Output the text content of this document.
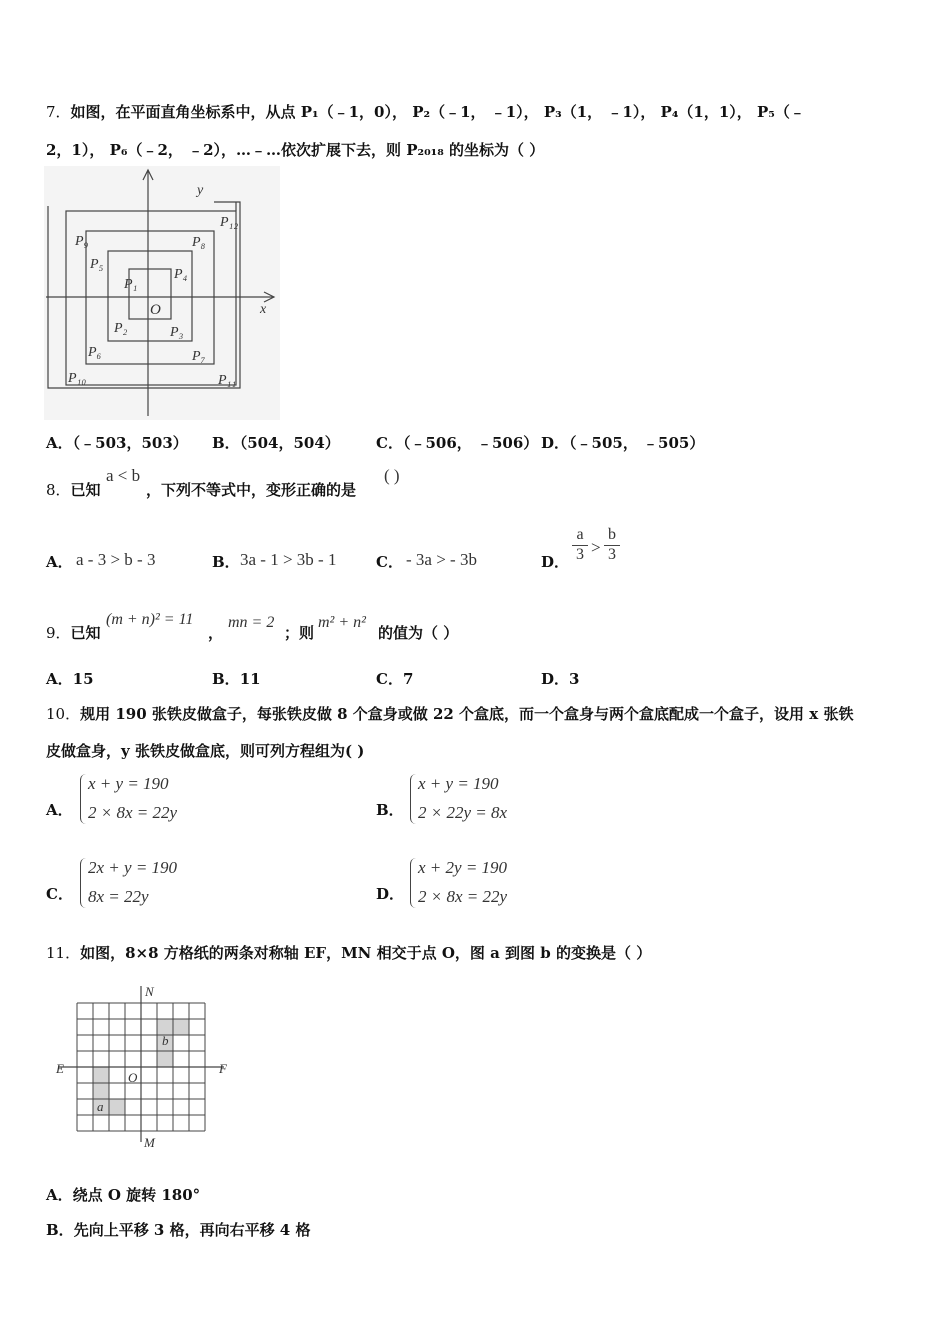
7．如图，在平面直角坐标系中，从点 P₁（﹣1，0）， P₂（﹣1， ﹣1）， P₃（1， ﹣1）， P₄（1，1）， P₅（﹣
2，1）， P₆（﹣2， ﹣2），…﹣…依次扩展下去，则 P₂₀₁₈ 的坐标为（ ）
y
x
O
P₁
P₂	P₃
P₄
P₅
P₆	P₇
P₈
P₉
P₁₀	P₁₁
P₁₂
A．（﹣503，503） B．（504，504） C．（﹣506， ﹣506） D．（﹣505， ﹣505）
8．已知
a < b
，下列不等式中，变形正确的是
( )
A． a - 3 > b - 3	B． 3a - 1 > 3b - 1	C． - 3a > - 3b	D． $\frac{a}{3} > \frac{b}{3}$
9．已知
(m + n)² = 11
，
mn = 2
；则
m² + n²
的值为（ ）
A．15	B．11	C．7	D．3
10．规用 190 张铁皮做盒子，每张铁皮做 8 个盒身或做 22 个盒底，而一个盒身与两个盒底配成一个盒子，设用 x 张铁
皮做盒身，y 张铁皮做盒底，则可列方程组为( )
A．
x + y = 190
2 × 8x = 22y	B．
x + y = 190
2 × 22y = 8x
C．
2x + y = 190
8x = 22y	D．
x + 2y = 190
2 × 8x = 22y
11．如图，8×8 方格纸的两条对称轴 EF，MN 相交于点 O，图 a 到图 b 的变换是（ ）
N
M
E	F
O
a
b
A．绕点 O 旋转 180°
B．先向上平移 3 格，再向右平移 4 格
